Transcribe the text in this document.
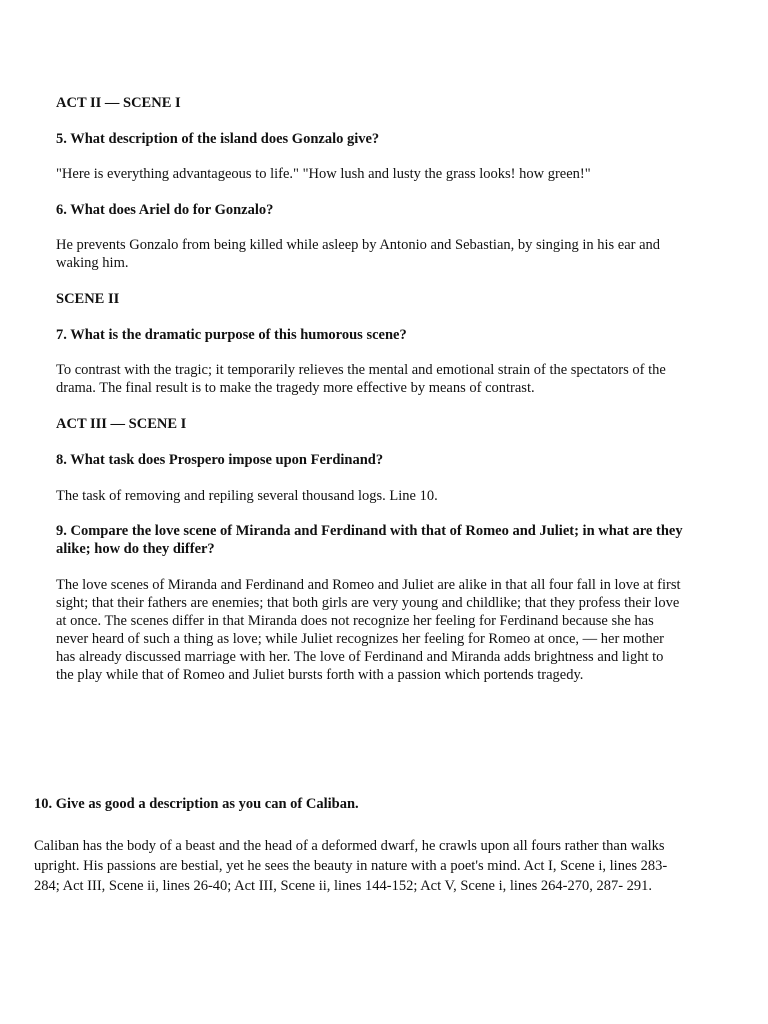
ACT II — SCENE I
5. What description of the island does Gonzalo give?
"Here is everything advantageous to life." "How lush and lusty the grass looks! how green!"
6. What does Ariel do for Gonzalo?
He prevents Gonzalo from being killed while asleep by Antonio and Sebastian, by singing in his ear and waking him.
SCENE II
7. What is the dramatic purpose of this humorous scene?
To contrast with the tragic; it temporarily relieves the mental and emotional strain of the spectators of the drama. The final result is to make the tragedy more effective by means of contrast.
ACT III — SCENE I
8. What task does Prospero impose upon Ferdinand?
The task of removing and repiling several thousand logs. Line 10.
9. Compare the love scene of Miranda and Ferdinand with that of Romeo and Juliet; in what are they alike; how do they differ?
The love scenes of Miranda and Ferdinand and Romeo and Juliet are alike in that all four fall in love at first sight; that their fathers are enemies; that both girls are very young and childlike; that they profess their love at once. The scenes differ in that Miranda does not recognize her feeling for Ferdinand because she has never heard of such a thing as love; while Juliet recognizes her feeling for Romeo at once, — her mother has already discussed marriage with her. The love of Ferdinand and Miranda adds brightness and light to the play while that of Romeo and Juliet bursts forth with a passion which portends tragedy.
10. Give as good a description as you can of Caliban.
Caliban has the body of a beast and the head of a deformed dwarf, he crawls upon all fours rather than walks upright. His passions are bestial, yet he sees the beauty in nature with a poet's mind. Act I, Scene i, lines 283-284; Act III, Scene ii, lines 26-40; Act III, Scene ii, lines 144-152; Act V, Scene i, lines 264-270, 287- 291.
